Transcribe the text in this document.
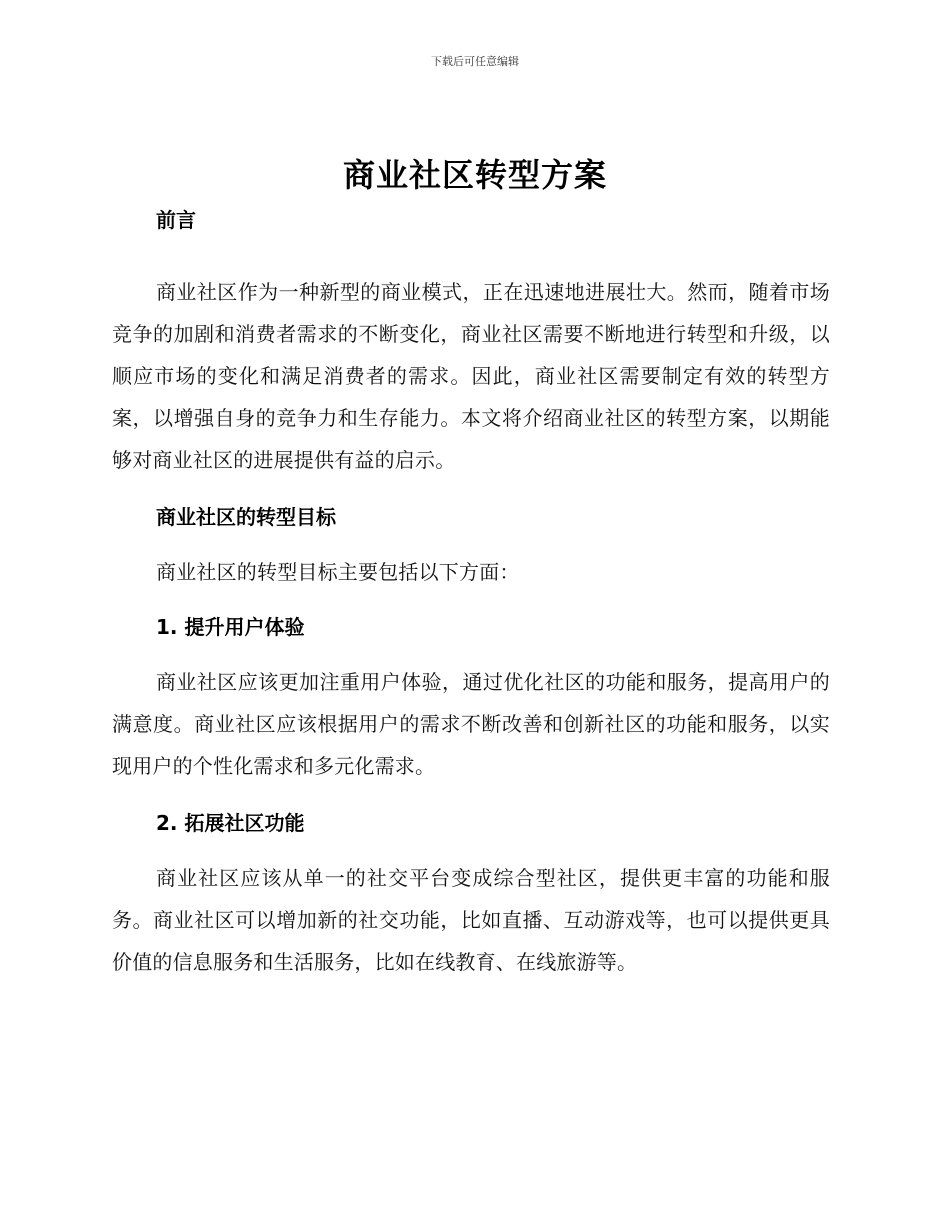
下载后可任意编辑
商业社区转型方案
前言

商业社区作为一种新型的商业模式，正在迅速地进展壮大。然而，随着市场竞争的加剧和消费者需求的不断变化，商业社区需要不断地进行转型和升级，以顺应市场的变化和满足消费者的需求。因此，商业社区需要制定有效的转型方案，以增强自身的竞争力和生存能力。本文将介绍商业社区的转型方案，以期能够对商业社区的进展提供有益的启示。

商业社区的转型目标

商业社区的转型目标主要包括以下方面：

1. 提升用户体验

商业社区应该更加注重用户体验，通过优化社区的功能和服务，提高用户的满意度。商业社区应该根据用户的需求不断改善和创新社区的功能和服务，以实现用户的个性化需求和多元化需求。

2. 拓展社区功能

商业社区应该从单一的社交平台变成综合型社区，提供更丰富的功能和服务。商业社区可以增加新的社交功能，比如直播、互动游戏等，也可以提供更具价值的信息服务和生活服务，比如在线教育、在线旅游等。
